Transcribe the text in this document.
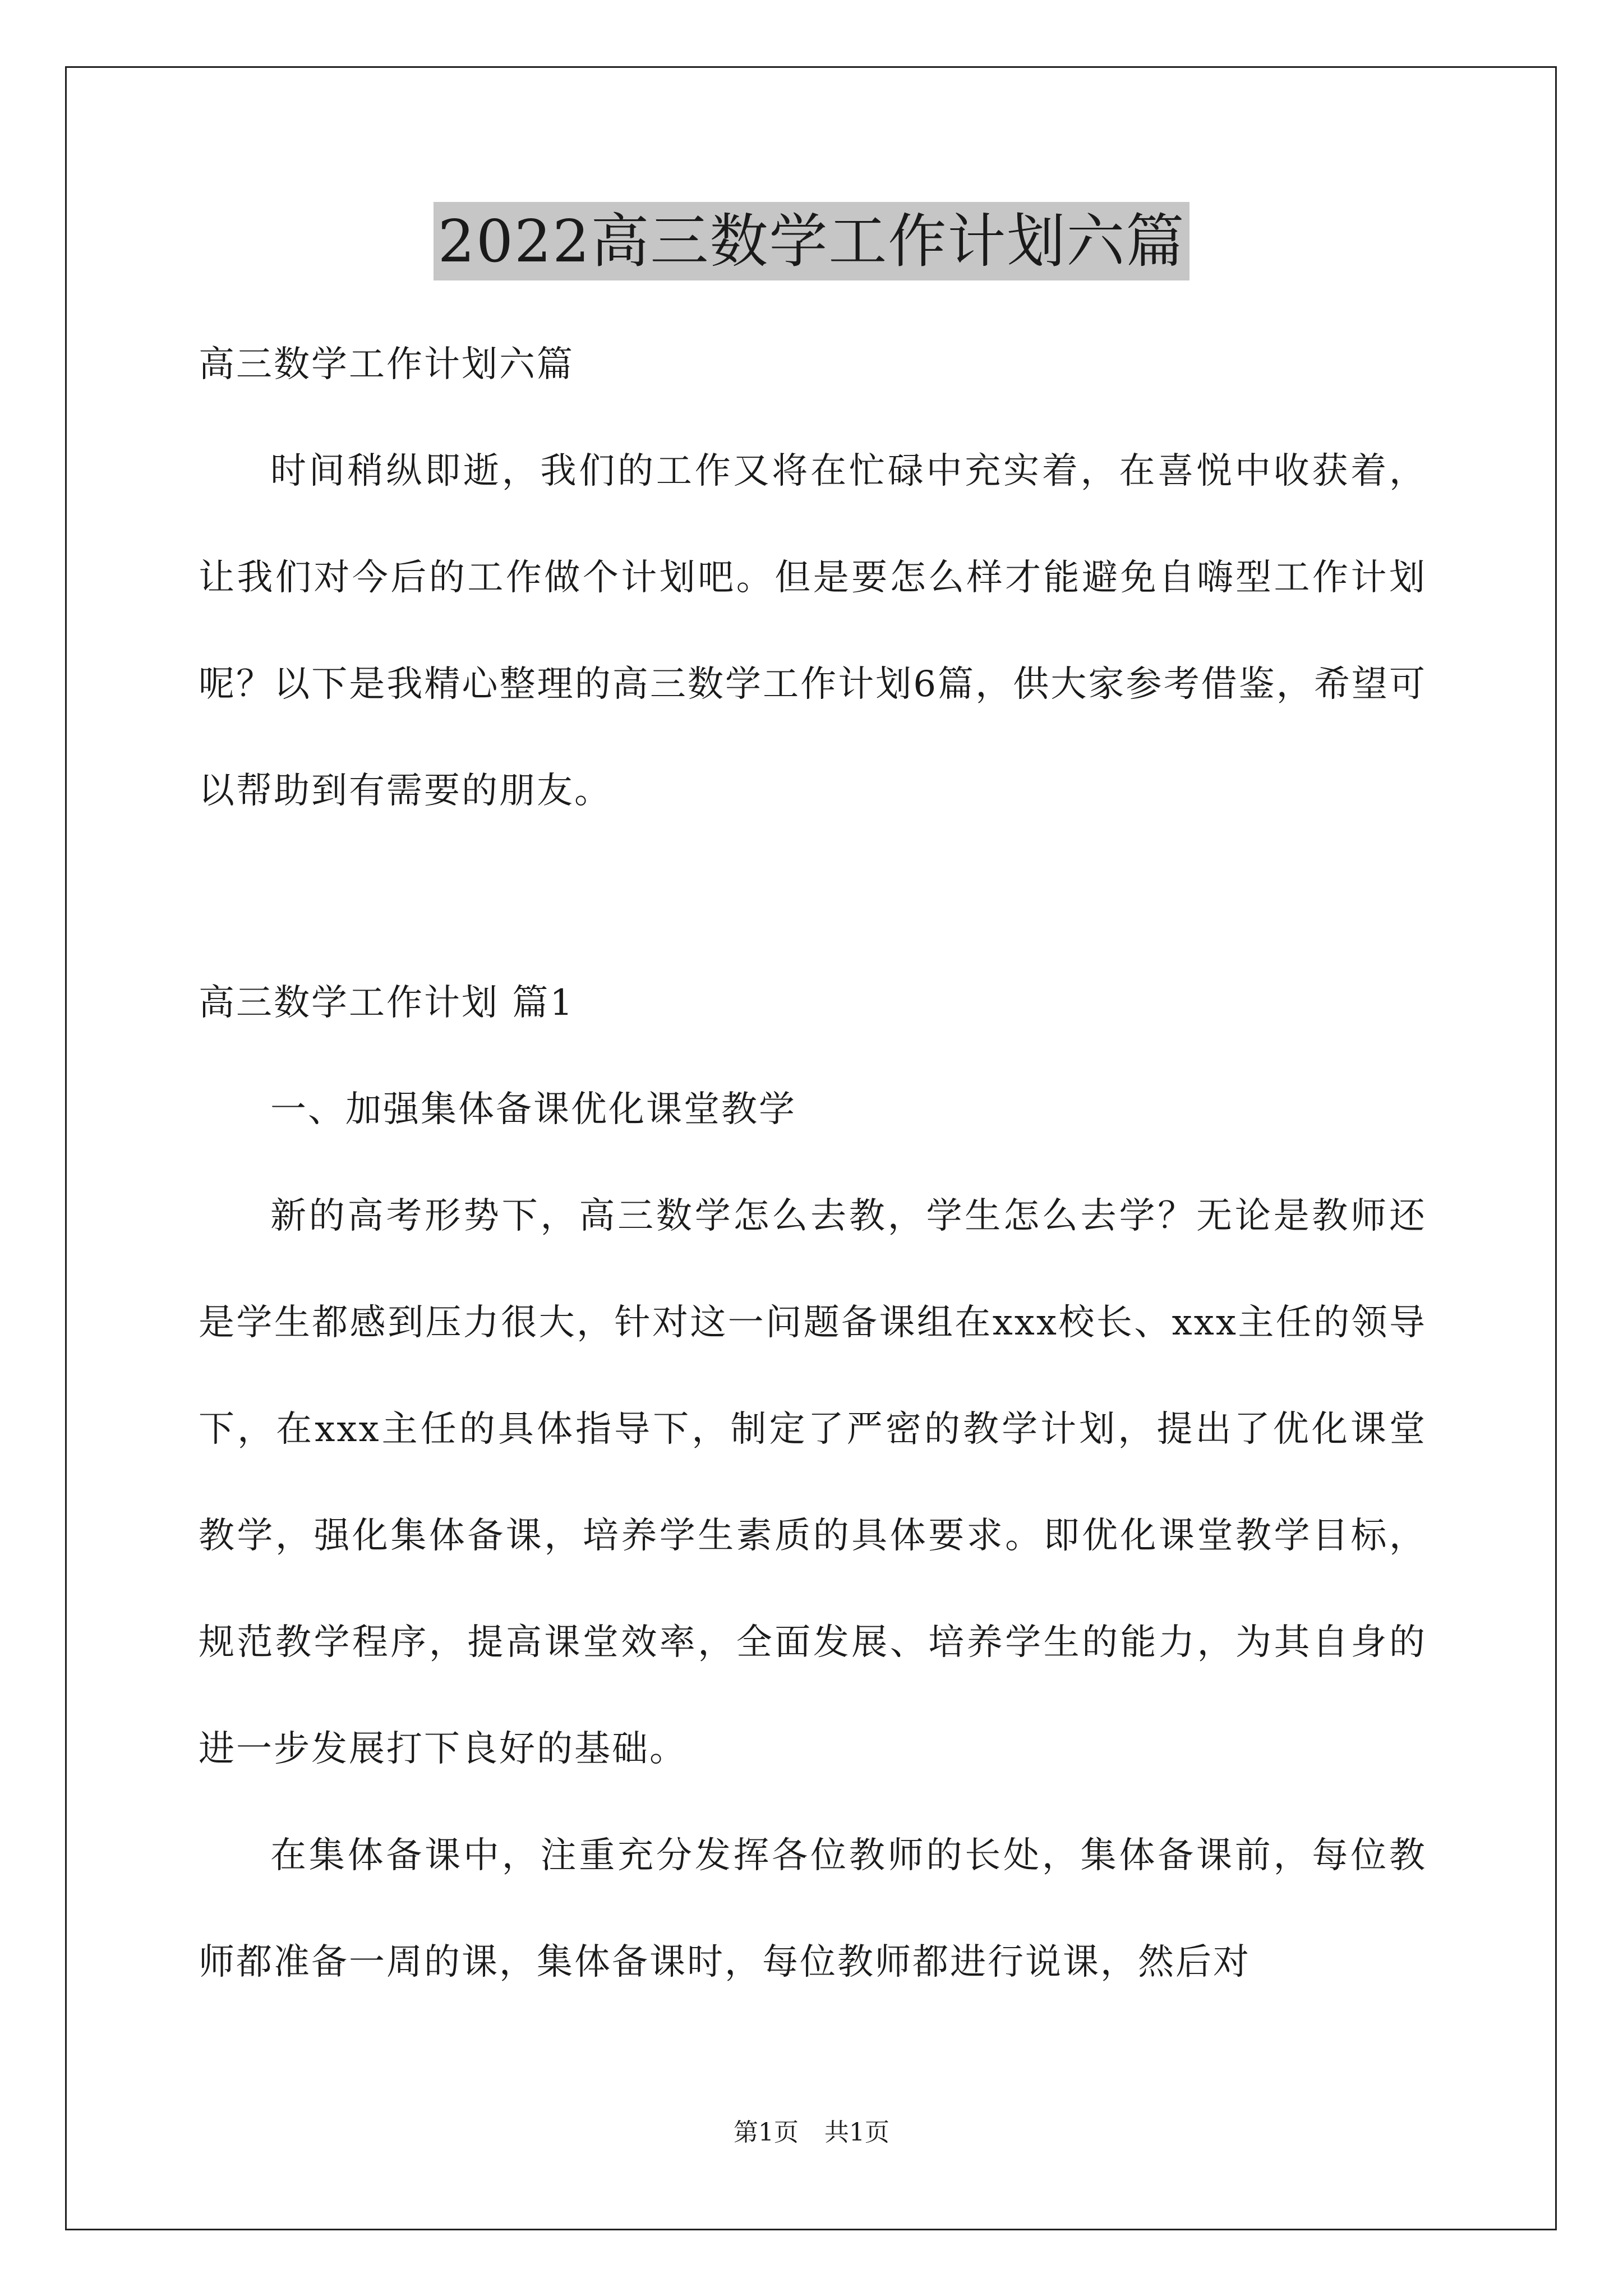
2022高三数学工作计划六篇

高三数学工作计划六篇

时间稍纵即逝，我们的工作又将在忙碌中充实着，在喜悦中收获着，让我们对今后的工作做个计划吧。但是要怎么样才能避免自嗨型工作计划呢？以下是我精心整理的高三数学工作计划6篇，供大家参考借鉴，希望可以帮助到有需要的朋友。

高三数学工作计划 篇1

一、加强集体备课优化课堂教学

新的高考形势下，高三数学怎么去教，学生怎么去学？无论是教师还是学生都感到压力很大，针对这一问题备课组在xxx校长、xxx主任的领导下，在xxx主任的具体指导下，制定了严密的教学计划，提出了优化课堂教学，强化集体备课，培养学生素质的具体要求。即优化课堂教学目标，规范教学程序，提高课堂效率，全面发展、培养学生的能力，为其自身的进一步发展打下良好的基础。

在集体备课中，注重充分发挥各位教师的长处，集体备课前，每位教师都准备一周的课，集体备课时，每位教师都进行说课，然后对

第1页 共1页
